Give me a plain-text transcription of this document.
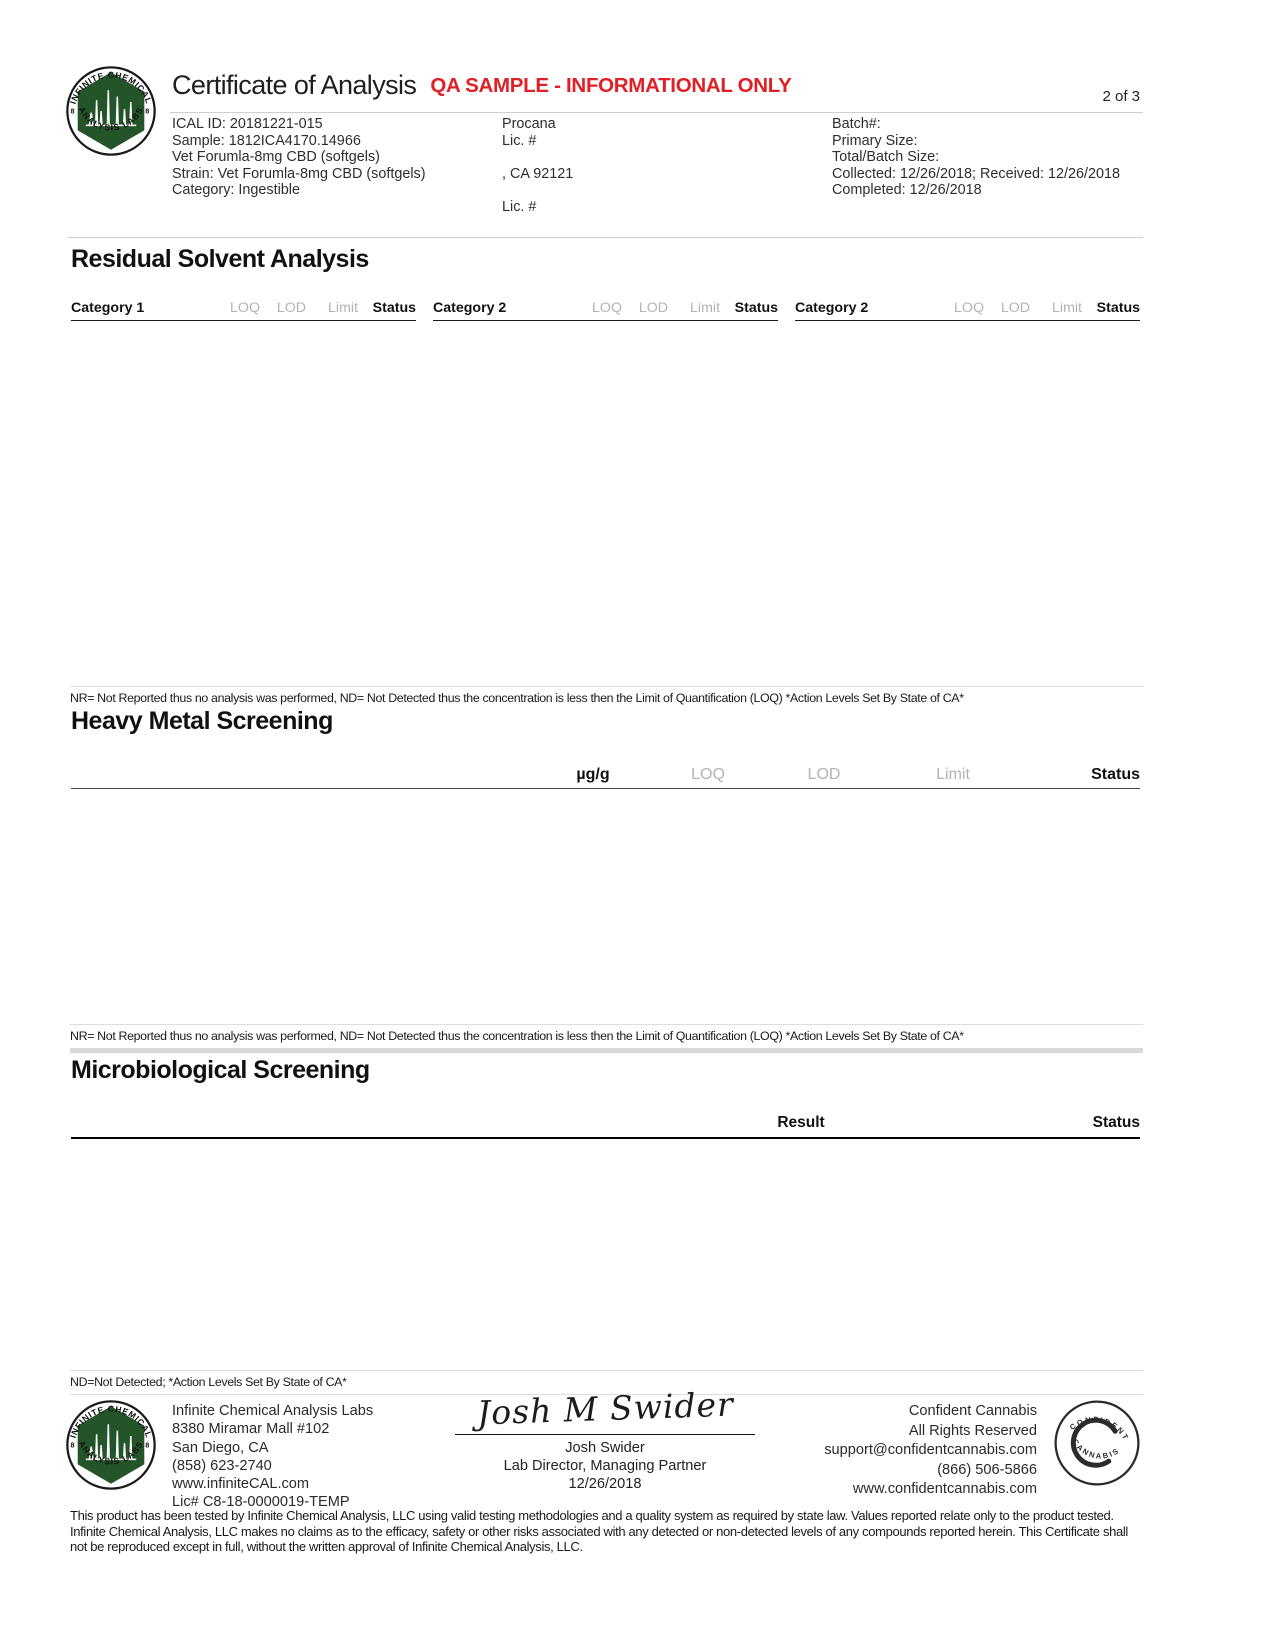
INFINITE CHEMICAL
ANALYSIS LABS
8	8
Certificate of Analysis QA SAMPLE - INFORMATIONAL ONLY	2 of 3
ICAL ID: 20181221-015
Sample: 1812ICA4170.14966
Vet Forumla-8mg CBD (softgels)
Strain: Vet Forumla-8mg CBD (softgels)
Category: Ingestible
Procana
Lic. #
, CA 92121
Lic. #
Batch#:
Primary Size:
Total/Batch Size:
Collected: 12/26/2018; Received: 12/26/2018
Completed: 12/26/2018
Residual Solvent Analysis
Category 1	LOQ	LOD	Limit	Status Category 2	LOQ	LOD	Limit	Status Category 2	LOQ	LOD	Limit	Status
NR= Not Reported thus no analysis was performed, ND= Not Detected thus the concentration is less then the Limit of Quantification (LOQ) *Action Levels Set By State of CA*
Heavy Metal Screening
µg/g	LOQ	LOD	Limit	Status
NR= Not Reported thus no analysis was performed, ND= Not Detected thus the concentration is less then the Limit of Quantification (LOQ) *Action Levels Set By State of CA*
Microbiological Screening
Result	Status
ND=Not Detected; *Action Levels Set By State of CA*
INFINITE CHEMICAL
ANALYSIS LABS
8	8
Infinite Chemical Analysis Labs
8380 Miramar Mall #102
San Diego, CA
(858) 623-2740
www.infiniteCAL.com
Lic# C8-18-0000019-TEMP
Josh M Swider
Josh Swider
Lab Director, Managing Partner
12/26/2018
Confident Cannabis
All Rights Reserved
support@confidentcannabis.com
(866) 506-5866
www.confidentcannabis.com
CONFIDENT
CANNABIS
This product has been tested by Infinite Chemical Analysis, LLC using valid testing methodologies and a quality system as required by state law. Values reported relate only to the product tested. Infinite Chemical Analysis, LLC makes no claims as to the efficacy, safety or other risks associated with any detected or non-detected levels of any compounds reported herein. This Certificate shall not be reproduced except in full, without the written approval of Infinite Chemical Analysis, LLC.
